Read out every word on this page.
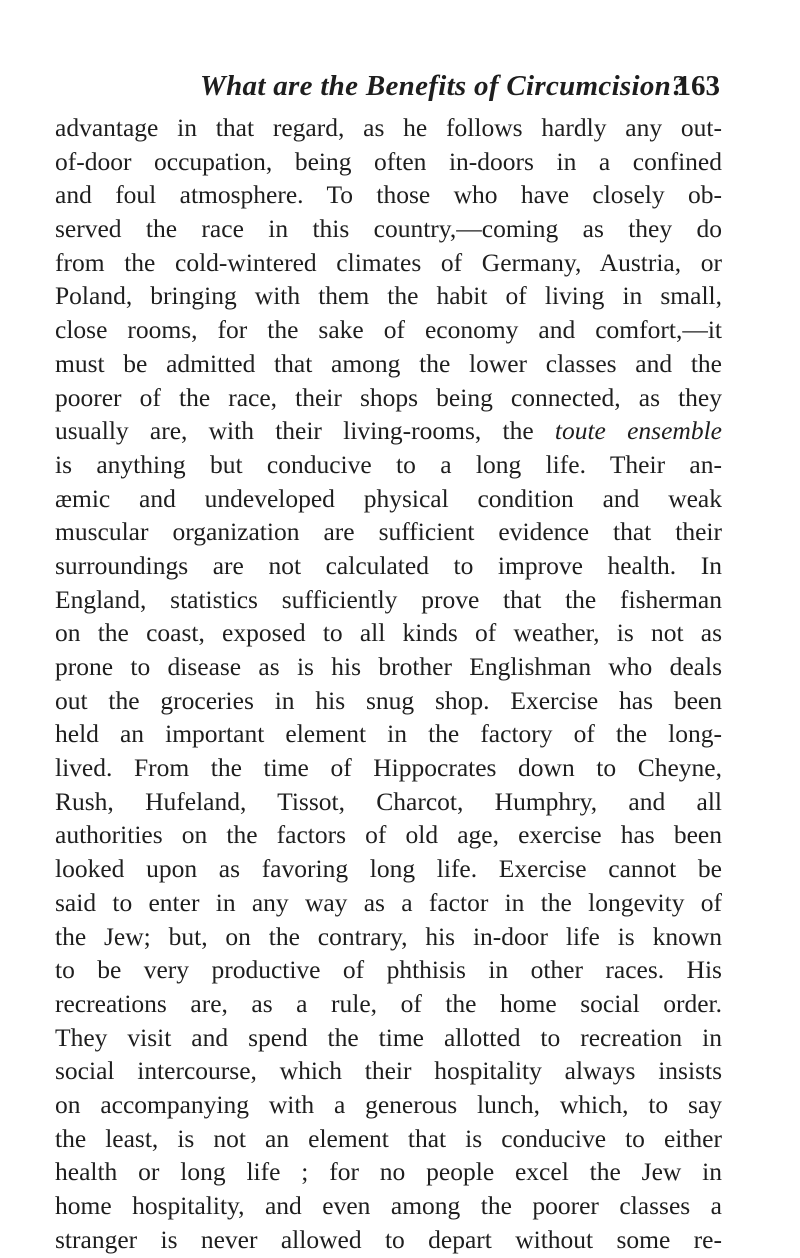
What are the Benefits of Circumcision?
163
advantage in that regard, as he follows hardly any out-
of-door occupation, being often in-doors in a confined
and foul atmosphere. To those who have closely ob-
served the race in this country,—coming as they do
from the cold-wintered climates of Germany, Austria, or
Poland, bringing with them the habit of living in small,
close rooms, for the sake of economy and comfort,—it
must be admitted that among the lower classes and the
poorer of the race, their shops being connected, as they
usually are, with their living-rooms, the toute ensemble
is anything but conducive to a long life. Their an-
æmic and undeveloped physical condition and weak
muscular organization are sufficient evidence that their
surroundings are not calculated to improve health. In
England, statistics sufficiently prove that the fisherman
on the coast, exposed to all kinds of weather, is not as
prone to disease as is his brother Englishman who deals
out the groceries in his snug shop. Exercise has been
held an important element in the factory of the long-
lived. From the time of Hippocrates down to Cheyne,
Rush, Hufeland, Tissot, Charcot, Humphry, and all
authorities on the factors of old age, exercise has been
looked upon as favoring long life. Exercise cannot be
said to enter in any way as a factor in the longevity of
the Jew; but, on the contrary, his in-door life is known
to be very productive of phthisis in other races. His
recreations are, as a rule, of the home social order.
They visit and spend the time allotted to recreation in
social intercourse, which their hospitality always insists
on accompanying with a generous lunch, which, to say
the least, is not an element that is conducive to either
health or long life ; for no people excel the Jew in
home hospitality, and even among the poorer classes a
stranger is never allowed to depart without some re-
